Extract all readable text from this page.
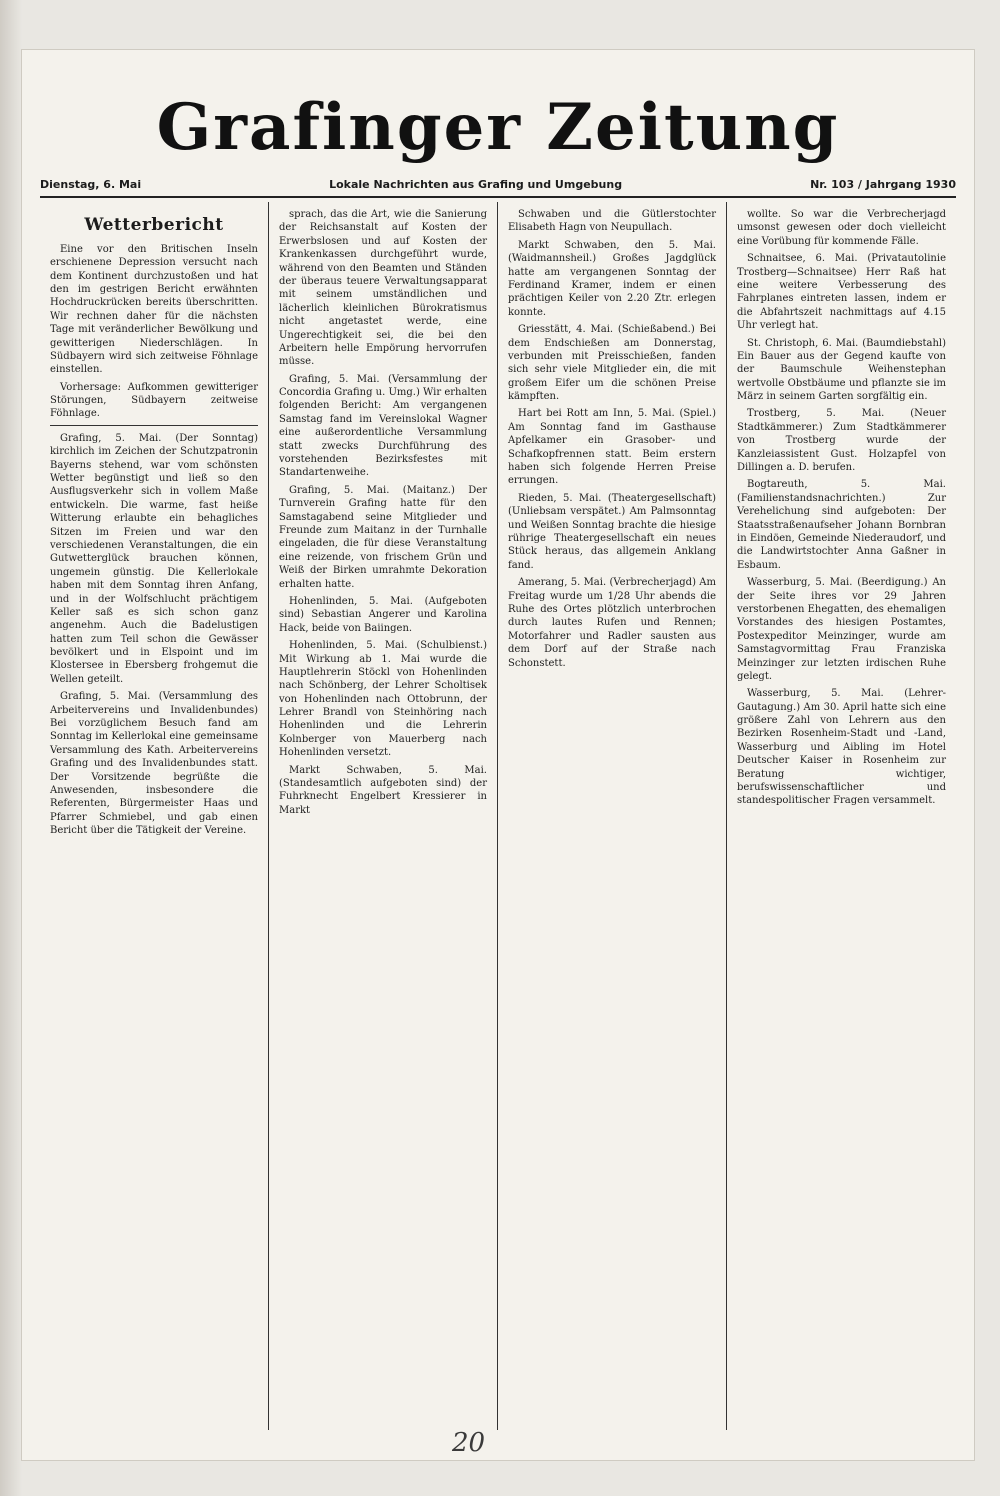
Grafinger Zeitung
Dienstag, 6. Mai	Lokale Nachrichten aus Grafing und Umgebung	Nr. 103 / Jahrgang 1930
Wetterbericht

Eine vor den Britischen Inseln erschienene Depression versucht nach dem Kontinent durchzustoßen und hat den im gestrigen Bericht erwähnten Hochdruckrücken bereits überschritten. Wir rechnen daher für die nächsten Tage mit veränderlicher Bewölkung und gewitterigen Niederschlägen. In Südbayern wird sich zeitweise Föhnlage einstellen.

Vorhersage: Aufkommen gewitteriger Störungen, Südbayern zeitweise Föhnlage.

Grafing, 5. Mai. (Der Sonntag) kirchlich im Zeichen der Schutzpatronin Bayerns stehend, war vom schönsten Wetter begünstigt und ließ so den Ausflugsverkehr sich in vollem Maße entwickeln. Die warme, fast heiße Witterung erlaubte ein behagliches Sitzen im Freien und war den verschiedenen Veranstaltungen, die ein Gutwetterglück brauchen können, ungemein günstig. Die Kellerlokale haben mit dem Sonntag ihren Anfang, und in der Wolfschlucht prächtigem Keller saß es sich schon ganz angenehm. Auch die Badelustigen hatten zum Teil schon die Gewässer bevölkert und in Elspoint und im Klostersee in Ebersberg frohgemut die Wellen geteilt.

Grafing, 5. Mai. (Versammlung des Arbeitervereins und Invalidenbundes) Bei vorzüglichem Besuch fand am Sonntag im Kellerlokal eine gemeinsame Versammlung des Kath. Arbeitervereins Grafing und des Invalidenbundes statt. Der Vorsitzende begrüßte die Anwesenden, insbesondere die Referenten, Bürgermeister Haas und Pfarrer Schmiebel, und gab einen Bericht über die Tätigkeit der Vereine.

sprach, das die Art, wie die Sanierung der Reichsanstalt auf Kosten der Erwerbslosen und auf Kosten der Krankenkassen durchgeführt wurde, während von den Beamten und Ständen der überaus teuere Verwaltungsapparat mit seinem umständlichen und lächerlich kleinlichen Bürokratismus nicht angetastet werde, eine Ungerechtigkeit sei, die bei den Arbeitern helle Empörung hervorrufen müsse.

Grafing, 5. Mai. (Versammlung der Concordia Grafing u. Umg.) Wir erhalten folgenden Bericht: Am vergangenen Samstag fand im Vereinslokal Wagner eine außerordentliche Versammlung statt zwecks Durchführung des vorstehenden Bezirksfestes mit Standartenweihe.

Grafing, 5. Mai. (Maitanz.) Der Turnverein Grafing hatte für den Samstagabend seine Mitglieder und Freunde zum Maitanz in der Turnhalle eingeladen, die für diese Veranstaltung eine reizende, von frischem Grün und Weiß der Birken umrahmte Dekoration erhalten hatte.

Hohenlinden, 5. Mai. (Aufgeboten sind) Sebastian Angerer und Karolina Hack, beide von Baiingen.

Hohenlinden, 5. Mai. (Schulbienst.) Mit Wirkung ab 1. Mai wurde die Hauptlehrerin Stöckl von Hohenlinden nach Schönberg, der Lehrer Scholtisek von Hohenlinden nach Ottobrunn, der Lehrer Brandl von Steinhöring nach Hohenlinden und die Lehrerin Kolnberger von Mauerberg nach Hohenlinden versetzt.

Markt Schwaben, 5. Mai. (Standesamtlich aufgeboten sind) der Fuhrknecht Engelbert Kressierer in Markt

Schwaben und die Gütlerstochter Elisabeth Hagn von Neupullach.

Markt Schwaben, den 5. Mai. (Waidmannsheil.) Großes Jagdglück hatte am vergangenen Sonntag der Ferdinand Kramer, indem er einen prächtigen Keiler von 2.20 Ztr. erlegen konnte.

Griesstätt, 4. Mai. (Schießabend.) Bei dem Endschießen am Donnerstag, verbunden mit Preisschießen, fanden sich sehr viele Mitglieder ein, die mit großem Eifer um die schönen Preise kämpften.

Hart bei Rott am Inn, 5. Mai. (Spiel.) Am Sonntag fand im Gasthause Apfelkamer ein Grasober- und Schafkopfrennen statt. Beim erstern haben sich folgende Herren Preise errungen.

Rieden, 5. Mai. (Theatergesellschaft) (Unliebsam verspätet.) Am Palmsonntag und Weißen Sonntag brachte die hiesige rührige Theatergesellschaft ein neues Stück heraus, das allgemein Anklang fand.

Amerang, 5. Mai. (Verbrecherjagd) Am Freitag wurde um 1/28 Uhr abends die Ruhe des Ortes plötzlich unterbrochen durch lautes Rufen und Rennen; Motorfahrer und Radler sausten aus dem Dorf auf der Straße nach Schonstett.

wollte. So war die Verbrecherjagd umsonst gewesen oder doch vielleicht eine Vorübung für kommende Fälle.

Schnaitsee, 6. Mai. (Privatautolinie Trostberg—Schnaitsee) Herr Raß hat eine weitere Verbesserung des Fahrplanes eintreten lassen, indem er die Abfahrtszeit nachmittags auf 4.15 Uhr verlegt hat.

St. Christoph, 6. Mai. (Baumdiebstahl) Ein Bauer aus der Gegend kaufte von der Baumschule Weihenstephan wertvolle Obstbäume und pflanzte sie im März in seinem Garten sorgfältig ein.

Trostberg, 5. Mai. (Neuer Stadtkämmerer.) Zum Stadtkämmerer von Trostberg wurde der Kanzleiassistent Gust. Holzapfel von Dillingen a. D. berufen.

Bogtareuth, 5. Mai. (Familienstandsnachrichten.) Zur Verehelichung sind aufgeboten: Der Staatsstraßenaufseher Johann Bornbran in Eindöen, Gemeinde Niederaudorf, und die Landwirtstochter Anna Gaßner in Esbaum.

Wasserburg, 5. Mai. (Beerdigung.) An der Seite ihres vor 29 Jahren verstorbenen Ehegatten, des ehemaligen Vorstandes des hiesigen Postamtes, Postexpeditor Meinzinger, wurde am Samstagvormittag Frau Franziska Meinzinger zur letzten irdischen Ruhe gelegt.

Wasserburg, 5. Mai. (Lehrer-Gautagung.) Am 30. April hatte sich eine größere Zahl von Lehrern aus den Bezirken Rosenheim-Stadt und -Land, Wasserburg und Aibling im Hotel Deutscher Kaiser in Rosenheim zur Beratung wichtiger, berufswissenschaftlicher und standespolitischer Fragen versammelt.

20
